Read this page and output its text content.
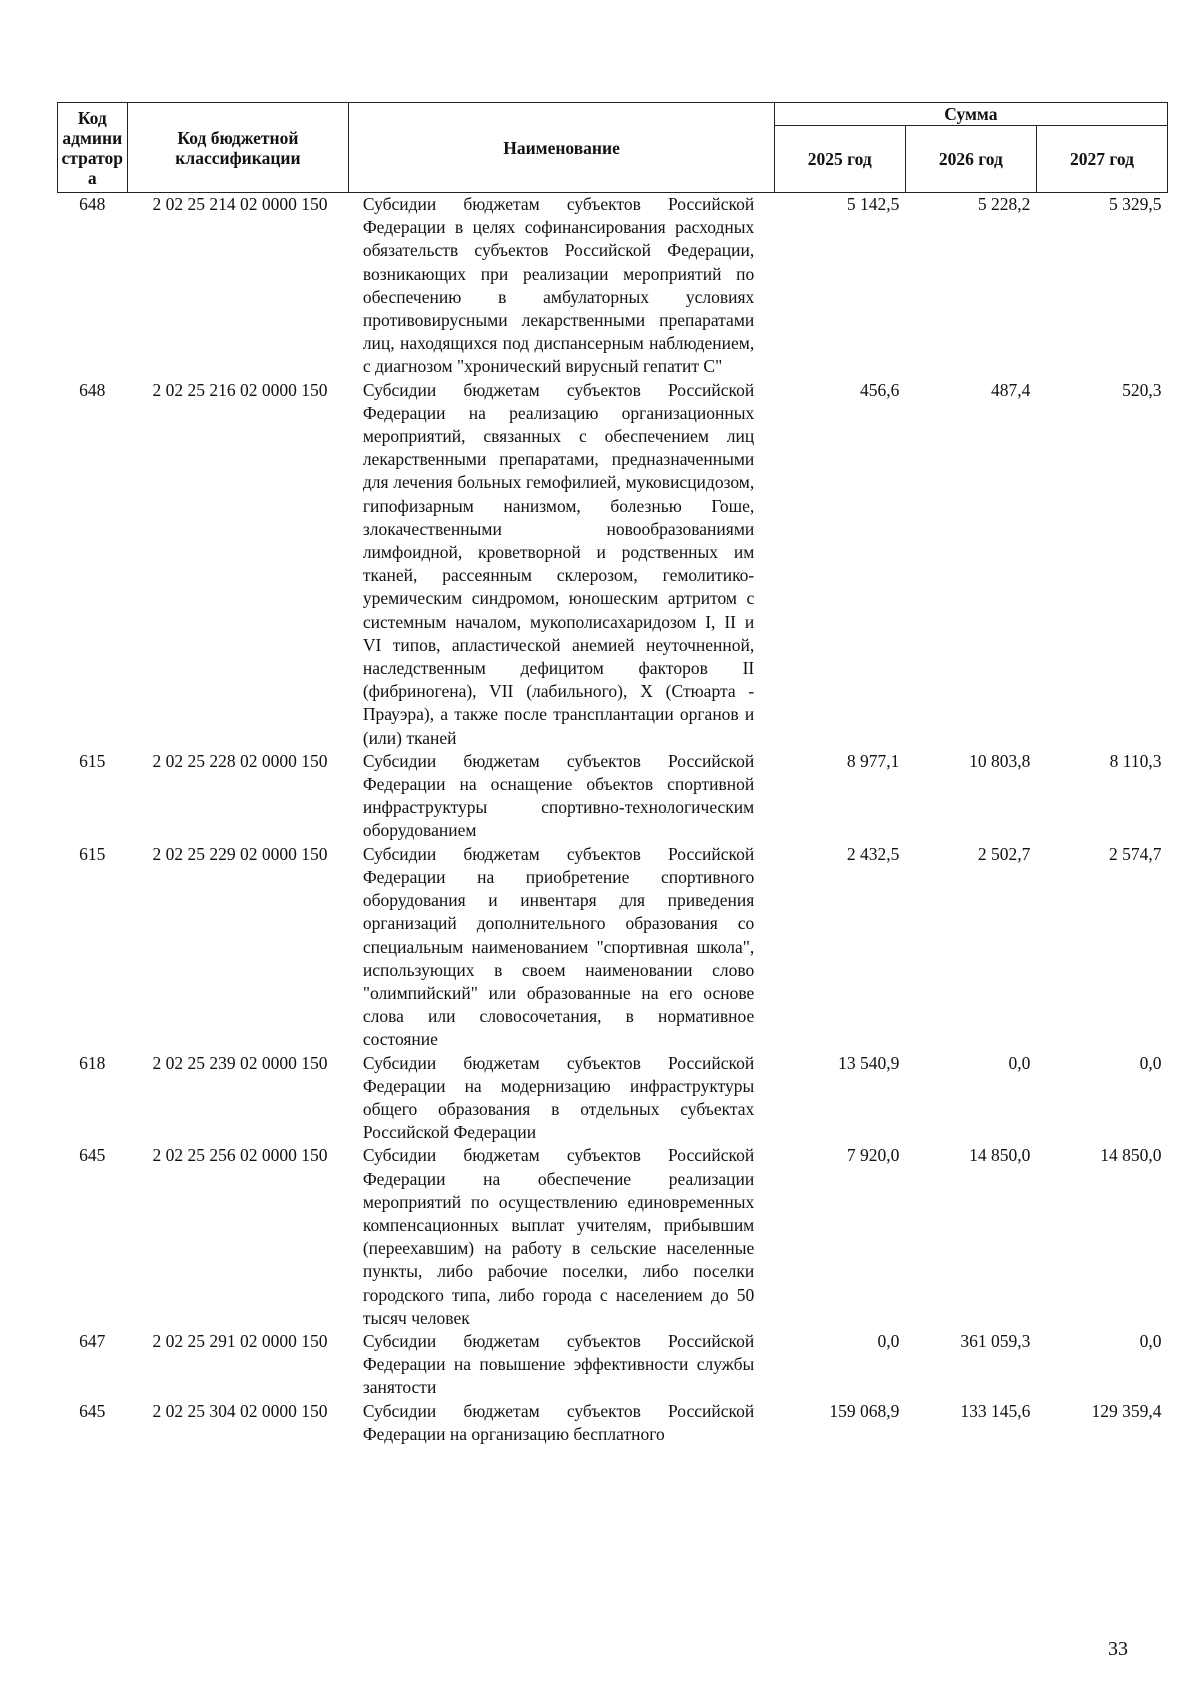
Код админи стратор а	Код бюджетной классификации	Наименование	Сумма		
			2025 год	2026 год	2027 год
648	2 02 25 214 02 0000 150	Субсидии бюджетам субъектов Российской Федерации в целях софинансирования расходных обязательств субъектов Российской Федерации, возникающих при реализации мероприятий по обеспечению в амбулаторных условиях противовирусными лекарственными препаратами лиц, находящихся под диспансерным наблюдением, с диагнозом "хронический вирусный гепатит С"	5 142,5	5 228,2	5 329,5
648	2 02 25 216 02 0000 150	Субсидии бюджетам субъектов Российской Федерации на реализацию организационных мероприятий, связанных с обеспечением лиц лекарственными препаратами, предназначенными для лечения больных гемофилией, муковисцидозом, гипофизарным нанизмом, болезнью Гоше, злокачественными новообразованиями лимфоидной, кроветворной и родственных им тканей, рассеянным склерозом, гемолитико-уремическим синдромом, юношеским артритом с системным началом, мукополисахаридозом I, II и VI типов, апластической анемией неуточненной, наследственным дефицитом факторов II (фибриногена), VII (лабильного), X (Стюарта - Прауэра), а также после трансплантации органов и (или) тканей	456,6	487,4	520,3
615	2 02 25 228 02 0000 150	Субсидии бюджетам субъектов Российской Федерации на оснащение объектов спортивной инфраструктуры спортивно-технологическим оборудованием	8 977,1	10 803,8	8 110,3
615	2 02 25 229 02 0000 150	Субсидии бюджетам субъектов Российской Федерации на приобретение спортивного оборудования и инвентаря для приведения организаций дополнительного образования со специальным наименованием "спортивная школа", использующих в своем наименовании слово "олимпийский" или образованные на его основе слова или словосочетания, в нормативное состояние	2 432,5	2 502,7	2 574,7
618	2 02 25 239 02 0000 150	Субсидии бюджетам субъектов Российской Федерации на модернизацию инфраструктуры общего образования в отдельных субъектах Российской Федерации	13 540,9	0,0	0,0
645	2 02 25 256 02 0000 150	Субсидии бюджетам субъектов Российской Федерации на обеспечение реализации мероприятий по осуществлению единовременных компенсационных выплат учителям, прибывшим (переехавшим) на работу в сельские населенные пункты, либо рабочие поселки, либо поселки городского типа, либо города с населением до 50 тысяч человек	7 920,0	14 850,0	14 850,0
647	2 02 25 291 02 0000 150	Субсидии бюджетам субъектов Российской Федерации на повышение эффективности службы занятости	0,0	361 059,3	0,0
645	2 02 25 304 02 0000 150	Субсидии бюджетам субъектов Российской Федерации на организацию бесплатного	159 068,9	133 145,6	129 359,4
33
